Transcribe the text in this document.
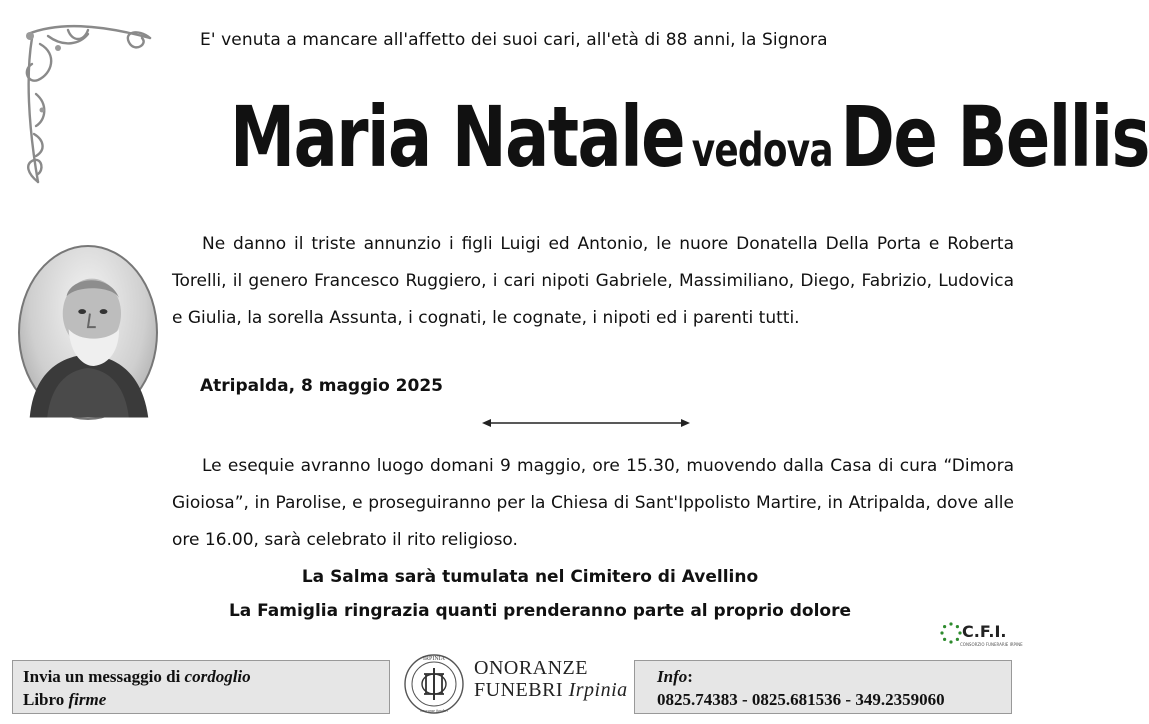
E' venuta a mancare all'affetto dei suoi cari, all'età di 88 anni, la Signora
Maria Natale vedovaDe Bellis

Ne danno il triste annunzio i figli Luigi ed Antonio, le nuore Donatella Della Porta e Roberta Torelli, il genero Francesco Ruggiero, i cari nipoti Gabriele, Massimiliano, Diego, Fabrizio, Ludovica e Giulia, la sorella Assunta, i cognati, le cognate, i nipoti ed i parenti tutti.

Atripalda, 8 maggio 2025

Le esequie avranno luogo domani 9 maggio, ore 15.30, muovendo dalla Casa di cura “Dimora Gioiosa”, in Parolise, e proseguiranno per la Chiesa di Sant'Ippolisto Martire, in Atripalda, dove alle ore 16.00, sarà celebrato il rito religioso.

La Salma sarà tumulata nel Cimitero di Avellino
La Famiglia ringrazia quanti prenderanno parte al proprio dolore
C.F.I.
CONSORZIO FUNERARIE IRPINE
Invia un messaggio di cordoglio
Libro firme
IRPINIA
onoranze funebri
ONORANZE
FUNEBRI Irpinia
Info:
0825.74383 - 0825.681536 - 349.2359060
